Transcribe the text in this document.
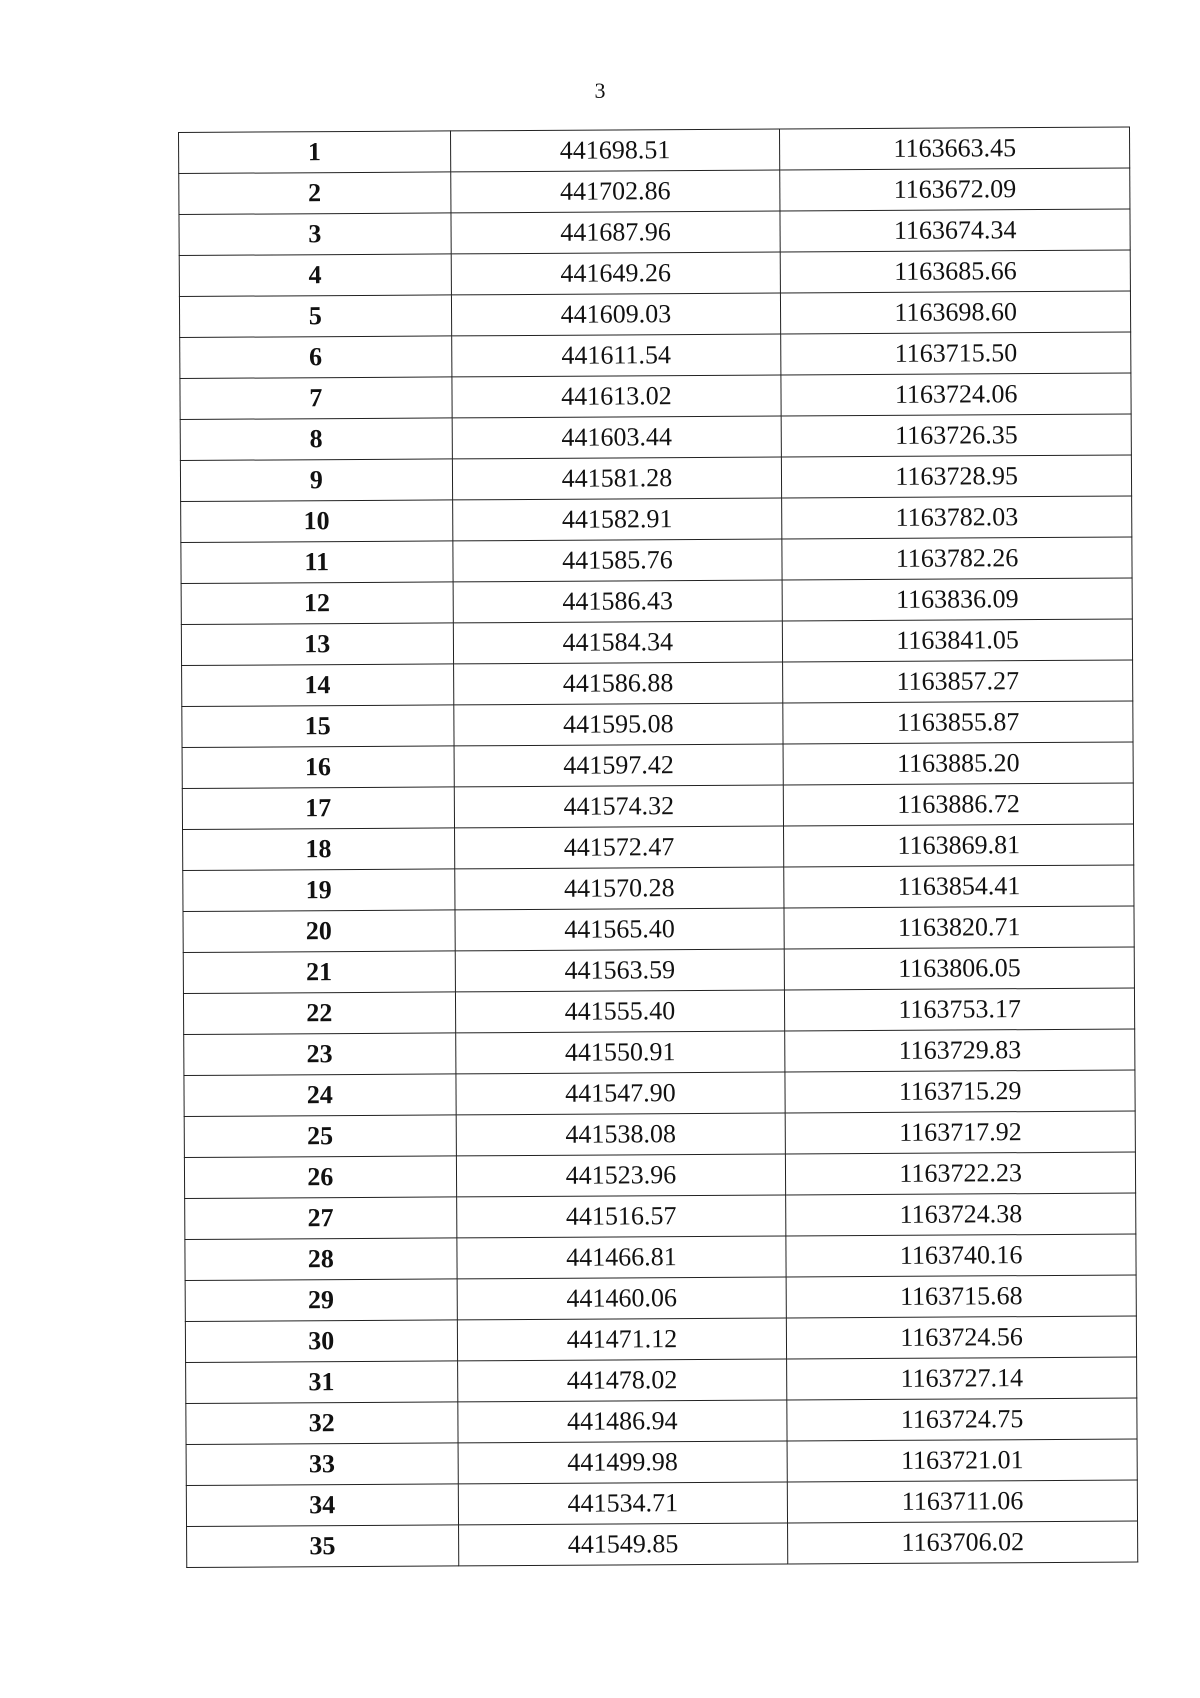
3
1	441698.51	1163663.45
2	441702.86	1163672.09
3	441687.96	1163674.34
4	441649.26	1163685.66
5	441609.03	1163698.60
6	441611.54	1163715.50
7	441613.02	1163724.06
8	441603.44	1163726.35
9	441581.28	1163728.95
10	441582.91	1163782.03
11	441585.76	1163782.26
12	441586.43	1163836.09
13	441584.34	1163841.05
14	441586.88	1163857.27
15	441595.08	1163855.87
16	441597.42	1163885.20
17	441574.32	1163886.72
18	441572.47	1163869.81
19	441570.28	1163854.41
20	441565.40	1163820.71
21	441563.59	1163806.05
22	441555.40	1163753.17
23	441550.91	1163729.83
24	441547.90	1163715.29
25	441538.08	1163717.92
26	441523.96	1163722.23
27	441516.57	1163724.38
28	441466.81	1163740.16
29	441460.06	1163715.68
30	441471.12	1163724.56
31	441478.02	1163727.14
32	441486.94	1163724.75
33	441499.98	1163721.01
34	441534.71	1163711.06
35	441549.85	1163706.02
